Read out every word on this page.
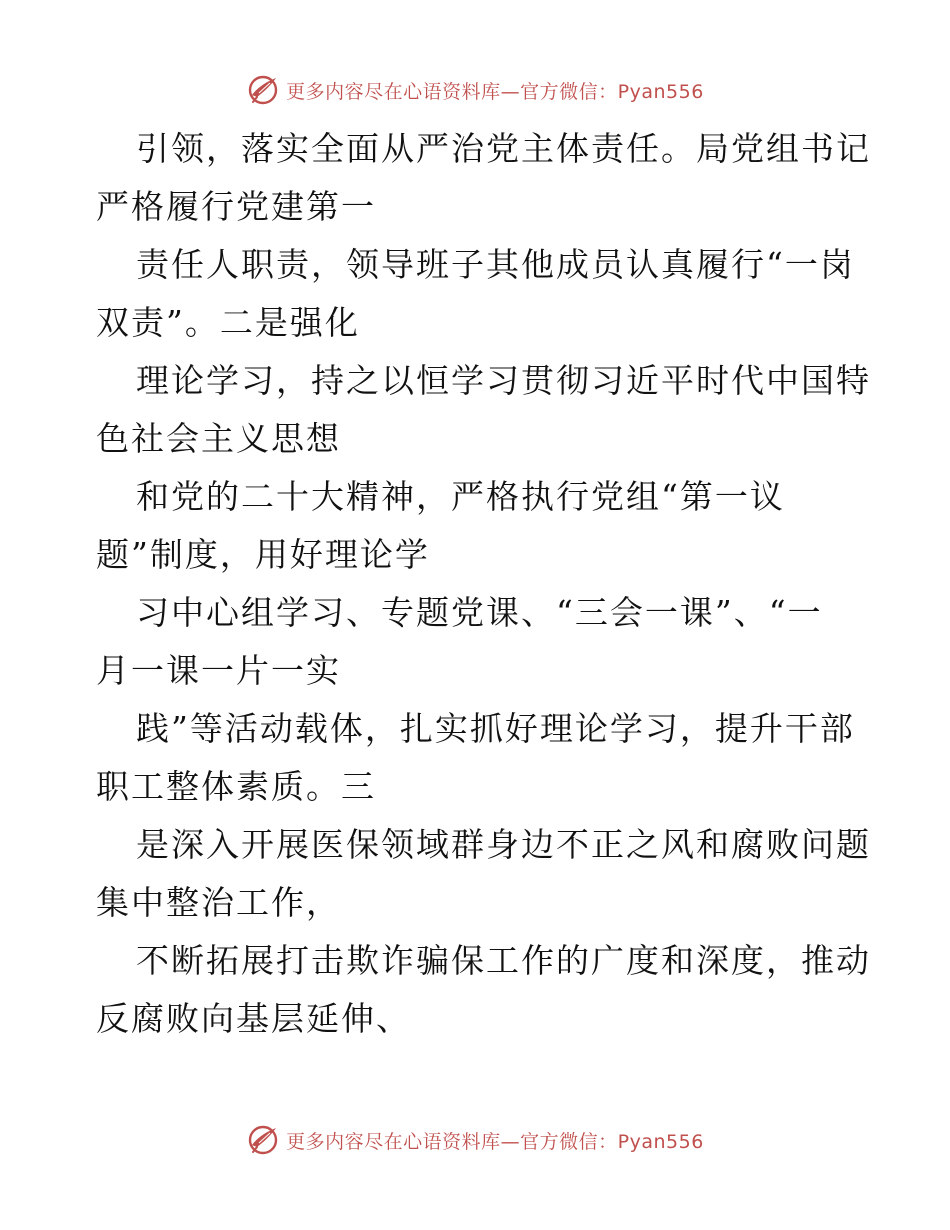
更多内容尽在心语资料库—官方微信：Pyan556
引领，落实全面从严治党主体责任。局党组书记
严格履行党建第一
责任人职责，领导班子其他成员认真履行“一岗
双责”。二是强化
理论学习，持之以恒学习贯彻习近平时代中国特
色社会主义思想
和党的二十大精神，严格执行党组“第一议
题”制度，用好理论学
习中心组学习、专题党课、“三会一课”、“一
月一课一片一实
践”等活动载体，扎实抓好理论学习，提升干部
职工整体素质。三
是深入开展医保领域群身边不正之风和腐败问题
集中整治工作，
不断拓展打击欺诈骗保工作的广度和深度，推动
反腐败向基层延伸、
更多内容尽在心语资料库—官方微信：Pyan556
